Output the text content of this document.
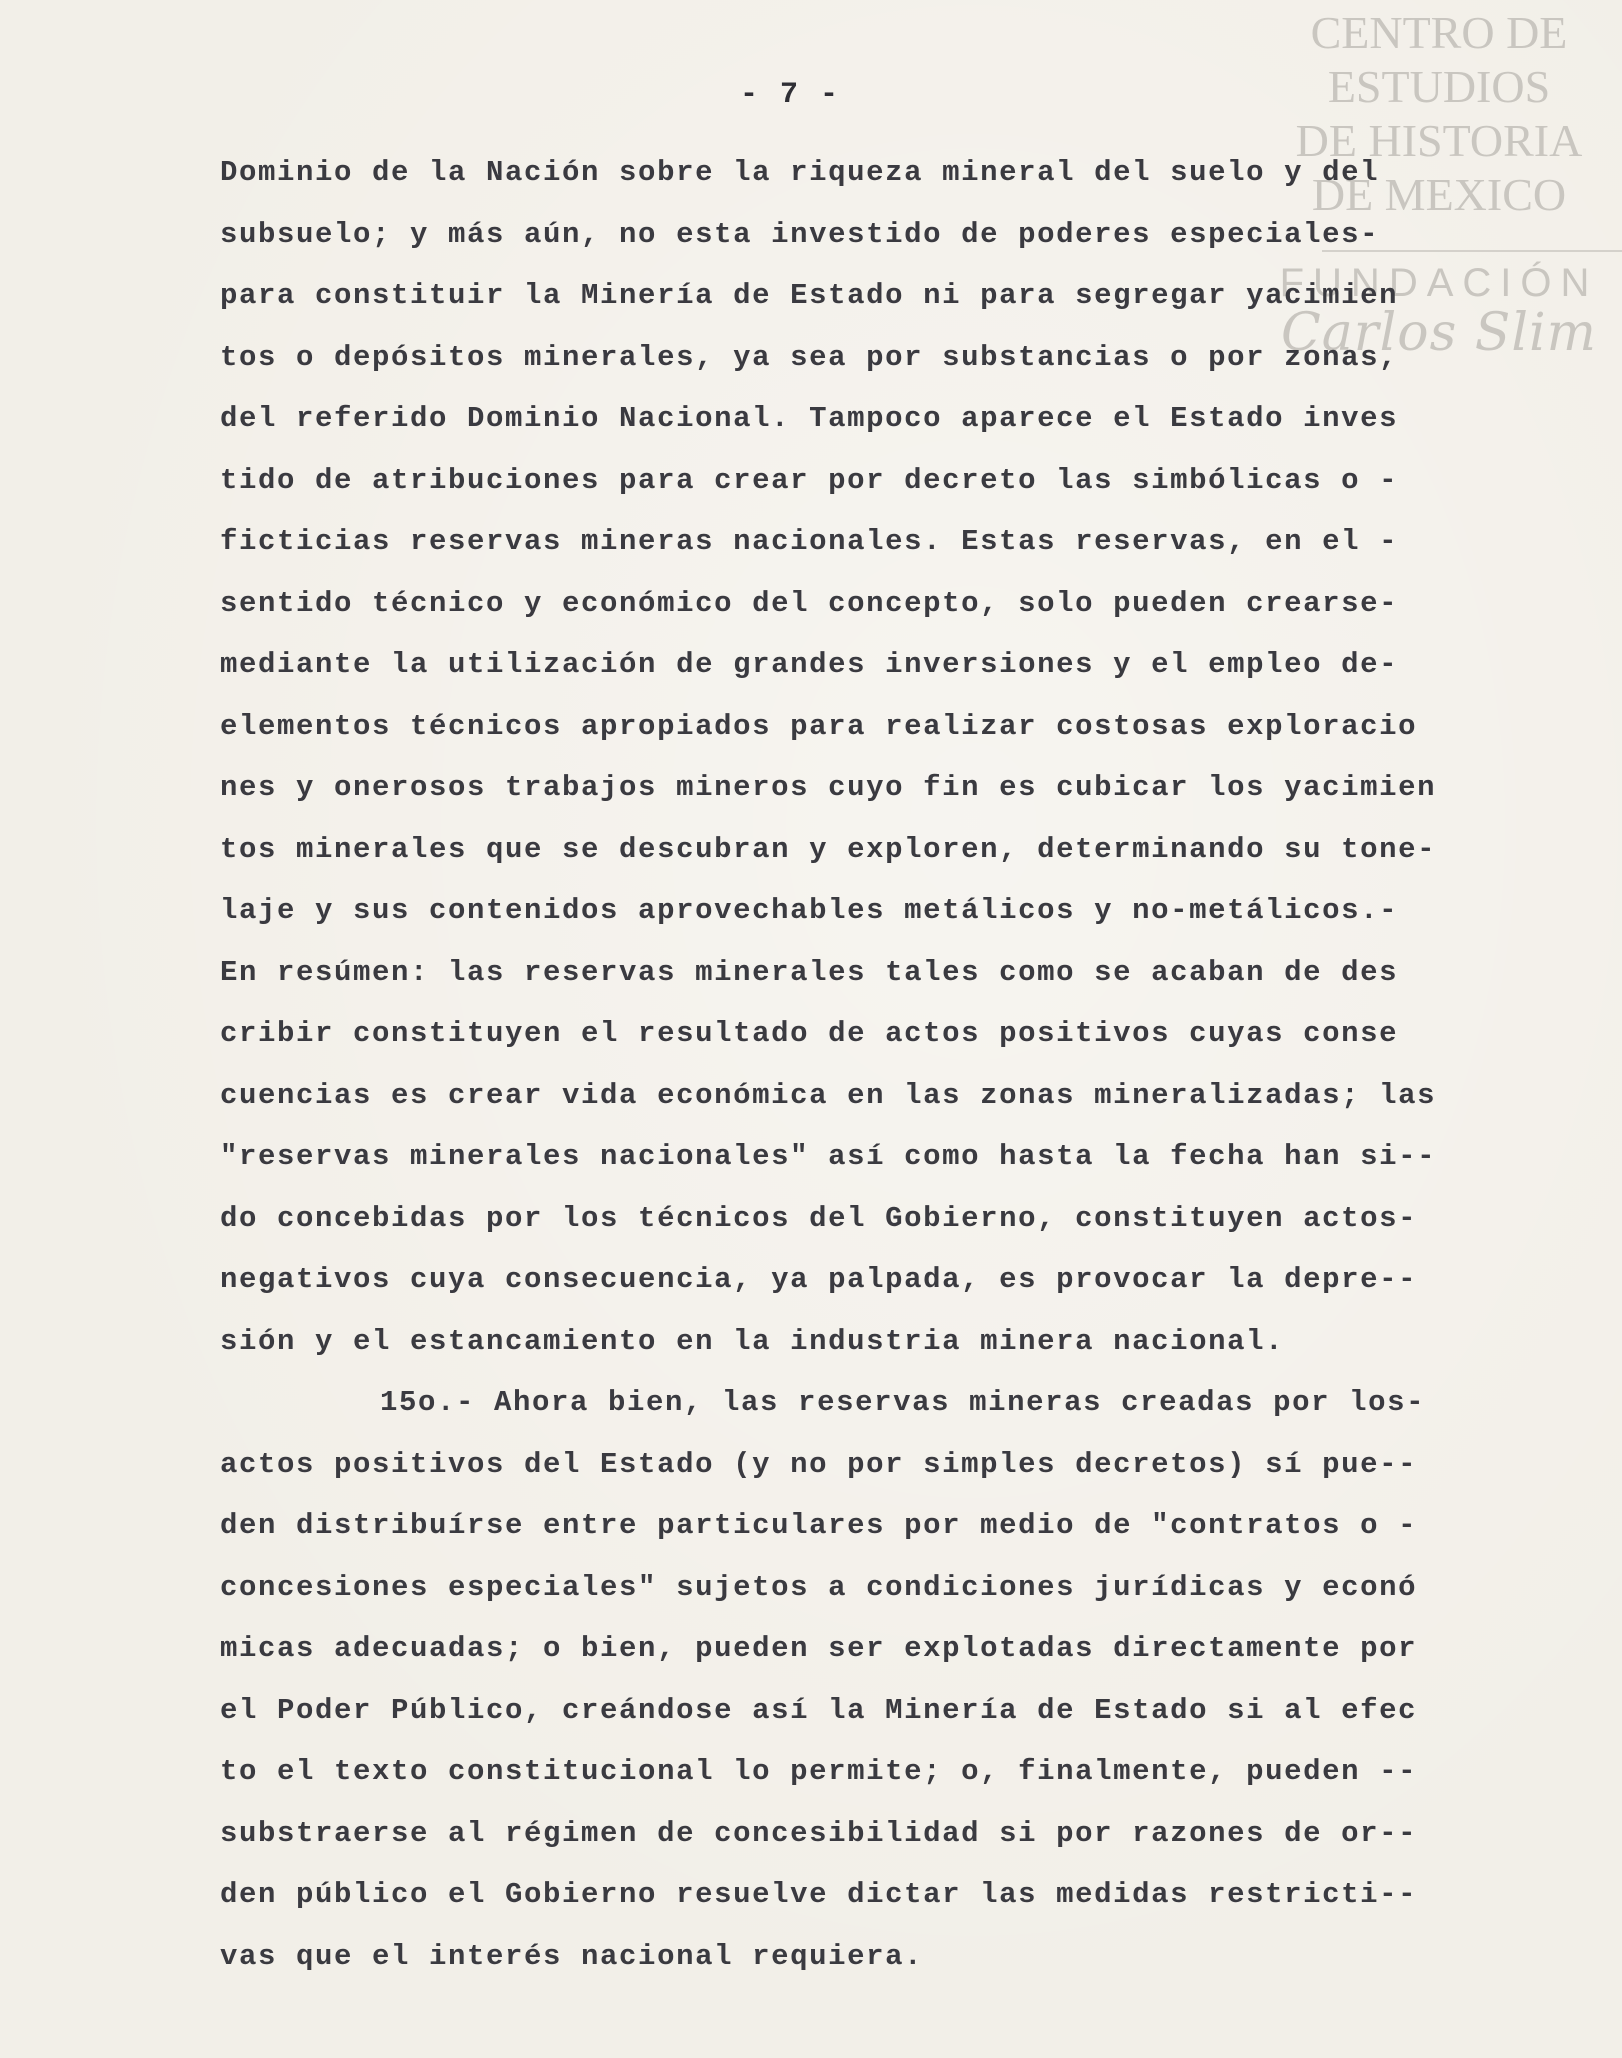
CENTRO DE
ESTUDIOS
DE HISTORIA
DE MEXICO
FUNDACIÓN
Carlos Slim
- 7 -
Dominio de la Nación sobre la riqueza mineral del suelo y del
subsuelo; y más aún, no esta investido de poderes especiales-
para constituir la Minería de Estado ni para segregar yacimien
tos o depósitos minerales, ya sea por substancias o por zonas,
del referido Dominio Nacional. Tampoco aparece el Estado inves
tido de atribuciones para crear por decreto las simbólicas o -
ficticias reservas mineras nacionales. Estas reservas, en el -
sentido técnico y económico del concepto, solo pueden crearse-
mediante la utilización de grandes inversiones y el empleo de-
elementos técnicos apropiados para realizar costosas exploracio
nes y onerosos trabajos mineros cuyo fin es cubicar los yacimien
tos minerales que se descubran y exploren, determinando su tone-
laje y sus contenidos aprovechables metálicos y no-metálicos.-
En resúmen: las reservas minerales tales como se acaban de des
cribir constituyen el resultado de actos positivos cuyas conse
cuencias es crear vida económica en las zonas mineralizadas; las
"reservas minerales nacionales" así como hasta la fecha han si--
do concebidas por los técnicos del Gobierno, constituyen actos-
negativos cuya consecuencia, ya palpada, es provocar la depre--
sión y el estancamiento en la industria minera nacional.
15o.- Ahora bien, las reservas mineras creadas por los-
actos positivos del Estado (y no por simples decretos) sí pue--
den distribuírse entre particulares por medio de "contratos o -
concesiones especiales" sujetos a condiciones jurídicas y econó
micas adecuadas; o bien, pueden ser explotadas directamente por
el Poder Público, creándose así la Minería de Estado si al efec
to el texto constitucional lo permite; o, finalmente, pueden --
substraerse al régimen de concesibilidad si por razones de or--
den público el Gobierno resuelve dictar las medidas restricti--
vas que el interés nacional requiera.
